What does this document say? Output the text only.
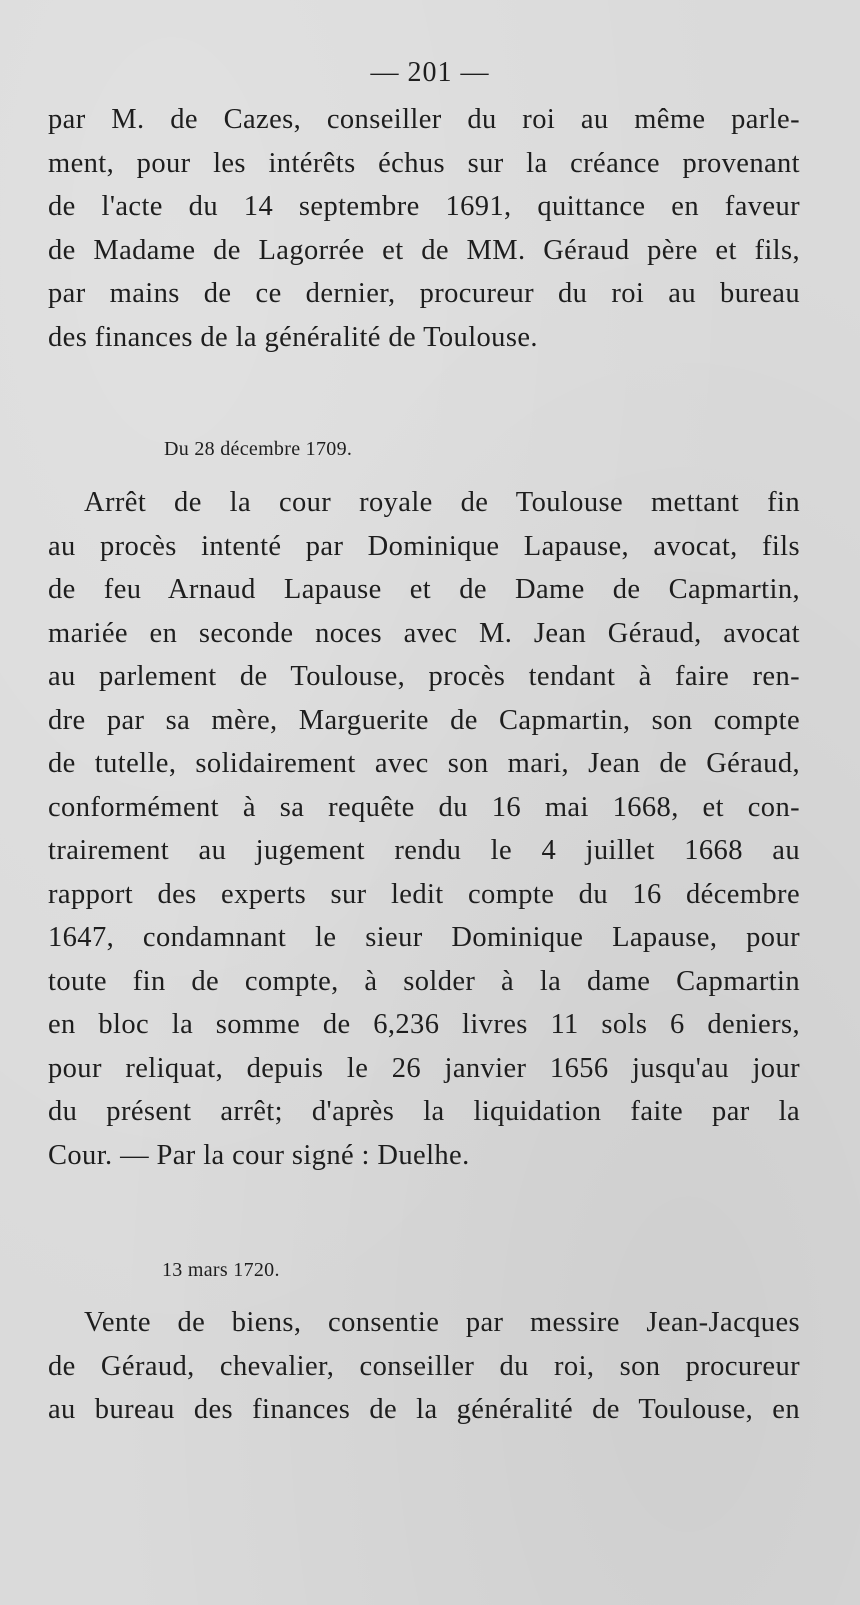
— 201 —
par M. de Cazes, conseiller du roi au même parle-
ment, pour les intérêts échus sur la créance provenant
de l'acte du 14 septembre 1691, quittance en faveur
de Madame de Lagorrée et de MM. Géraud père et fils,
par mains de ce dernier, procureur du roi au bureau
des finances de la généralité de Toulouse.
Du 28 décembre 1709.
Arrêt de la cour royale de Toulouse mettant fin
au procès intenté par Dominique Lapause, avocat, fils
de feu Arnaud Lapause et de Dame de Capmartin,
mariée en seconde noces avec M. Jean Géraud, avocat
au parlement de Toulouse, procès tendant à faire ren-
dre par sa mère, Marguerite de Capmartin, son compte
de tutelle, solidairement avec son mari, Jean de Géraud,
conformément à sa requête du 16 mai 1668, et con-
trairement au jugement rendu le 4 juillet 1668 au
rapport des experts sur ledit compte du 16 décembre
1647, condamnant le sieur Dominique Lapause, pour
toute fin de compte, à solder à la dame Capmartin
en bloc la somme de 6,236 livres 11 sols 6 deniers,
pour reliquat, depuis le 26 janvier 1656 jusqu'au jour
du présent arrêt; d'après la liquidation faite par la
Cour. — Par la cour signé : Duelhe.
13 mars 1720.
Vente de biens, consentie par messire Jean-Jacques
de Géraud, chevalier, conseiller du roi, son procureur
au bureau des finances de la généralité de Toulouse, en
